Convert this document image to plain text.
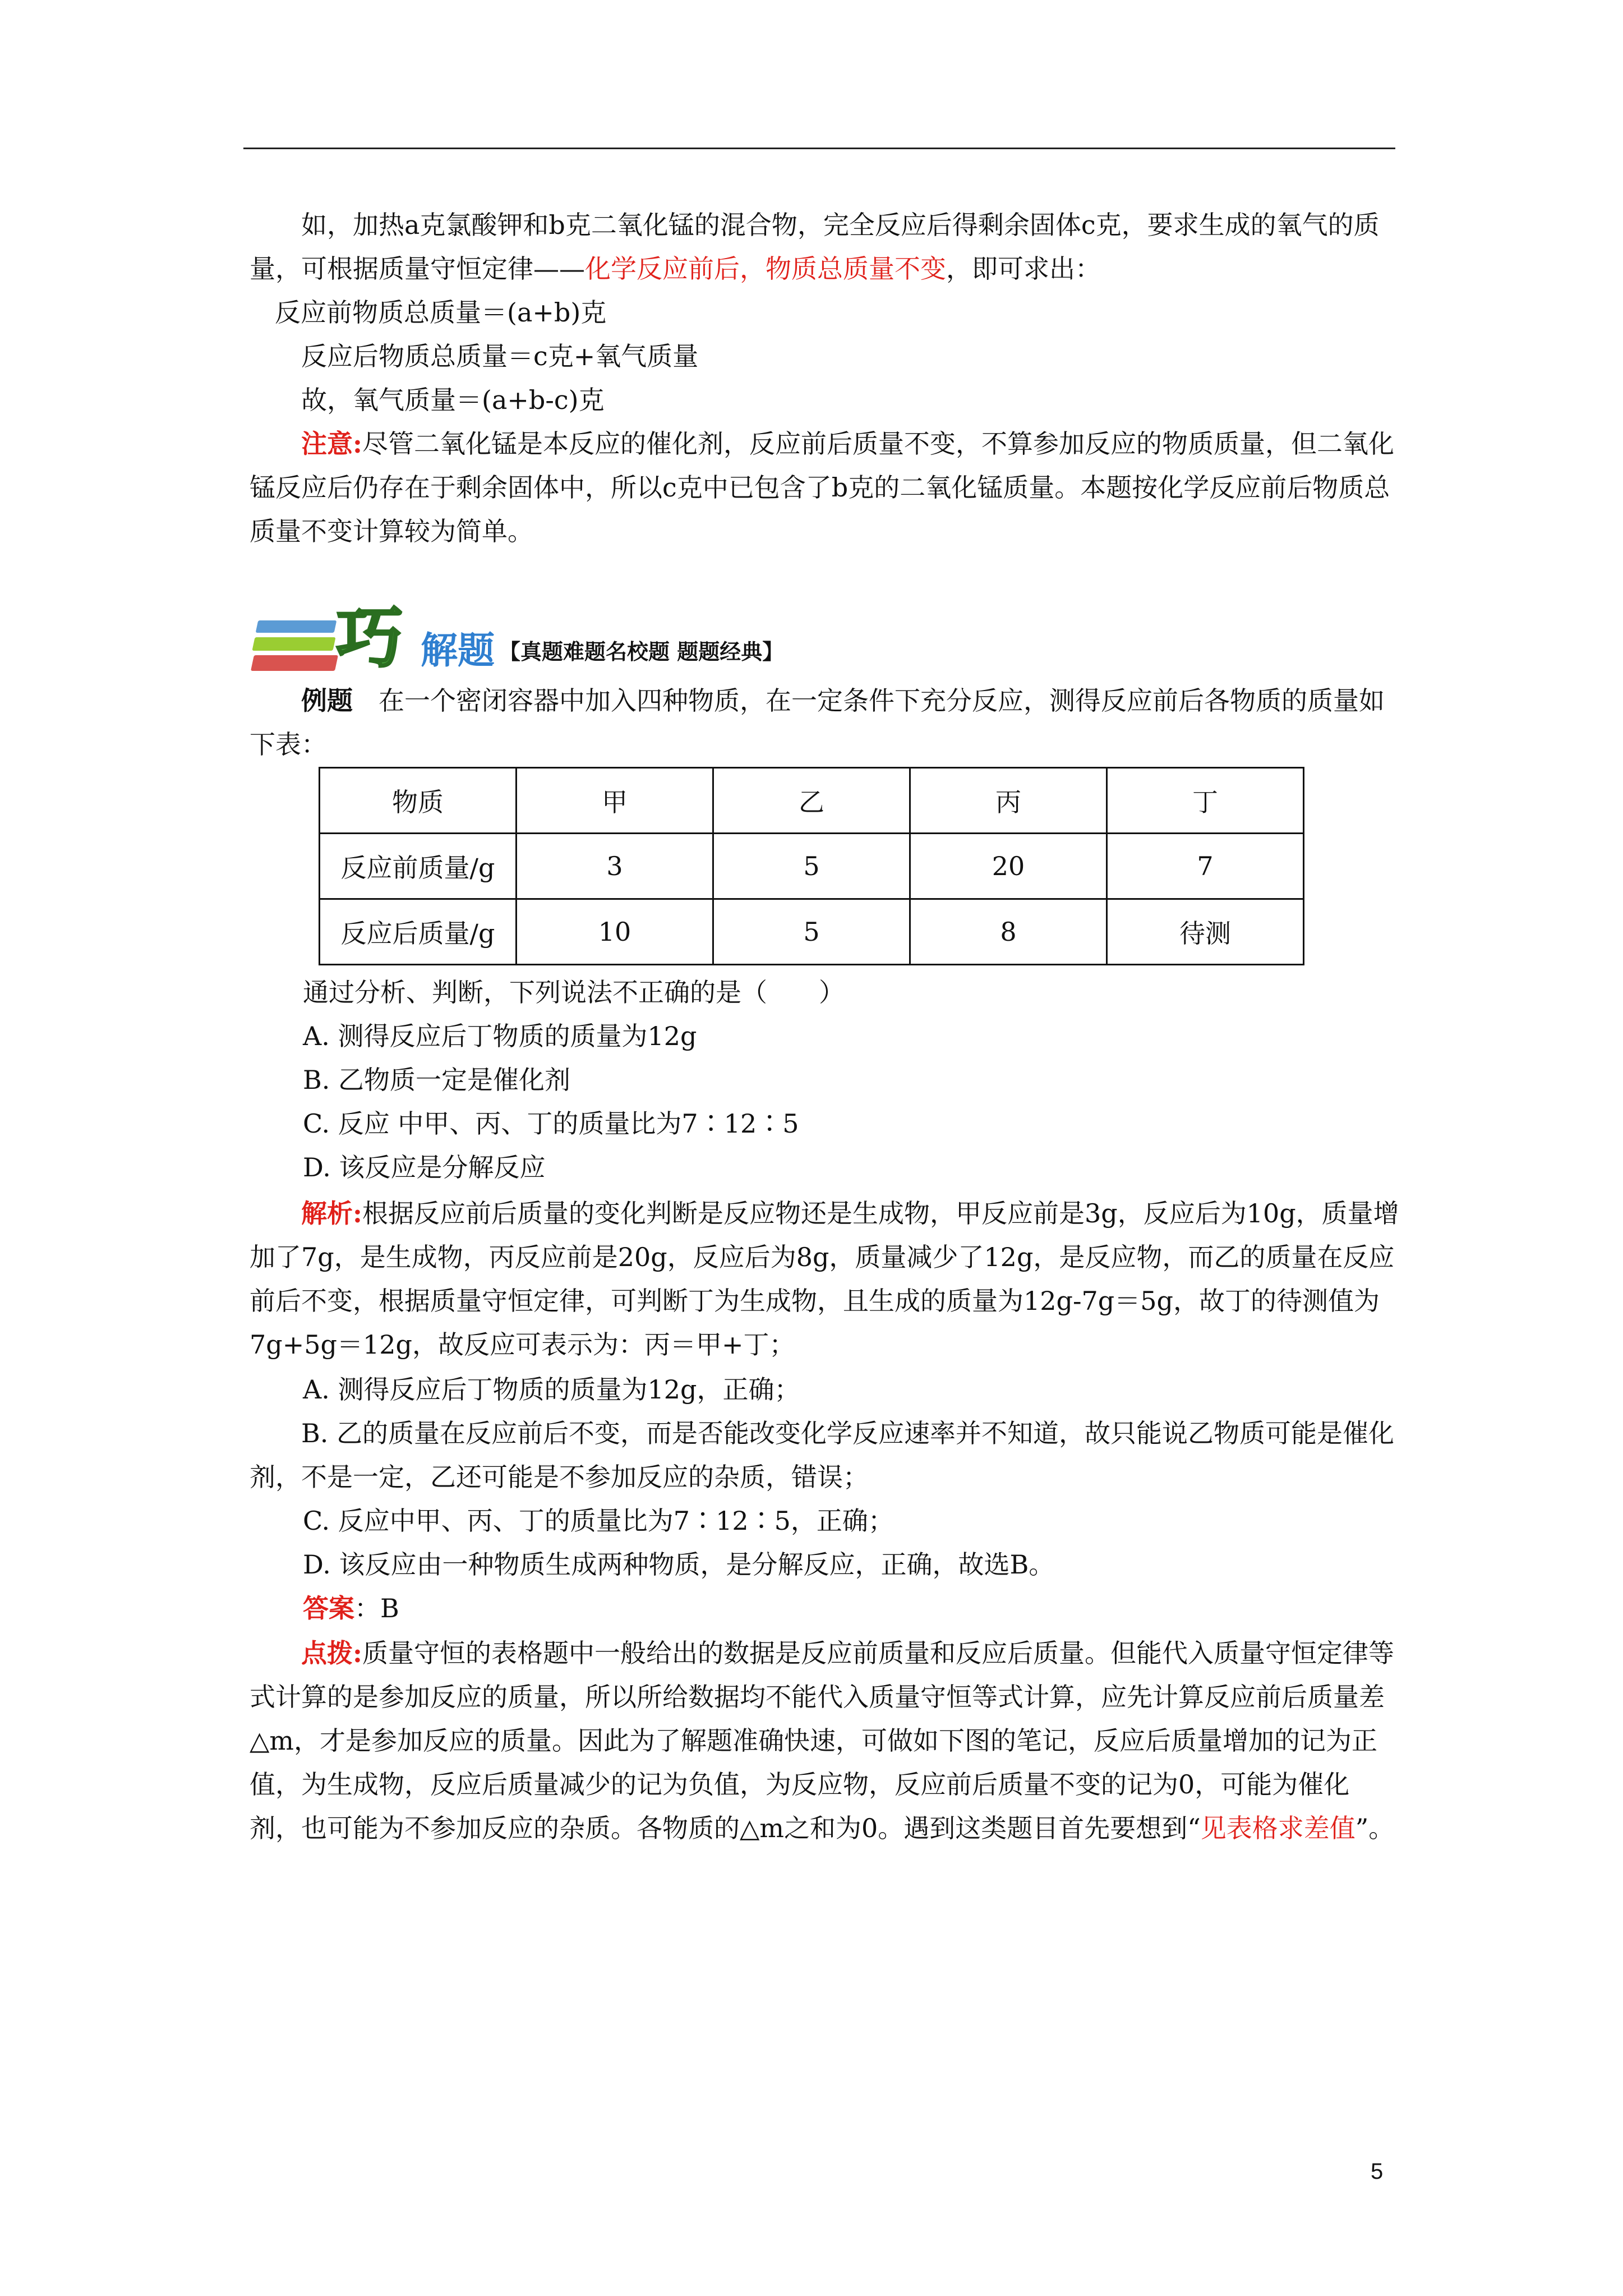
如，加热a克氯酸钾和b克二氧化锰的混合物，完全反应后得剩余固体c克，要求生成的氧气的质量，可根据质量守恒定律——化学反应前后，物质总质量不变，即可求出：
反应前物质总质量＝(a+b)克
反应后物质总质量＝c克+氧气质量
故，氧气质量＝(a+b-c)克
注意:尽管二氧化锰是本反应的催化剂，反应前后质量不变，不算参加反应的物质质量，但二氧化锰反应后仍存在于剩余固体中，所以c克中已包含了b克的二氧化锰质量。本题按化学反应前后物质总质量不变计算较为简单。
巧 解题 【真题难题名校题 题题经典】
例题　 在一个密闭容器中加入四种物质，在一定条件下充分反应，测得反应前后各物质的质量如下表：
物质	甲	乙	丙	丁
反应前质量/g	3	5	20	7
反应后质量/g	10	5	8	待测
通过分析、判断，下列说法不正确的是（　　）
A. 测得反应后丁物质的质量为12g
B. 乙物质一定是催化剂
C. 反应 中甲、丙、丁的质量比为7∶12∶5
D. 该反应是分解反应
解析:根据反应前后质量的变化判断是反应物还是生成物，甲反应前是3g，反应后为10g，质量增加了7g，是生成物，丙反应前是20g，反应后为8g，质量减少了12g，是反应物，而乙的质量在反应前后不变，根据质量守恒定律，可判断丁为生成物，且生成的质量为12g-7g＝5g，故丁的待测值为7g+5g＝12g，故反应可表示为：丙＝甲+丁；
A. 测得反应后丁物质的质量为12g，正确；
B. 乙的质量在反应前后不变，而是否能改变化学反应速率并不知道，故只能说乙物质可能是催化剂，不是一定，乙还可能是不参加反应的杂质，错误；
C. 反应中甲、丙、丁的质量比为7∶12∶5，正确；
D. 该反应由一种物质生成两种物质，是分解反应，正确，故选B。
答案：B
点拨:质量守恒的表格题中一般给出的数据是反应前质量和反应后质量。但能代入质量守恒定律等式计算的是参加反应的质量，所以所给数据均不能代入质量守恒等式计算，应先计算反应前后质量差△m，才是参加反应的质量。因此为了解题准确快速，可做如下图的笔记，反应后质量增加的记为正值，为生成物，反应后质量减少的记为负值，为反应物，反应前后质量不变的记为0，可能为催化剂，也可能为不参加反应的杂质。各物质的△m之和为0。遇到这类题目首先要想到“见表格求差值”。
5
